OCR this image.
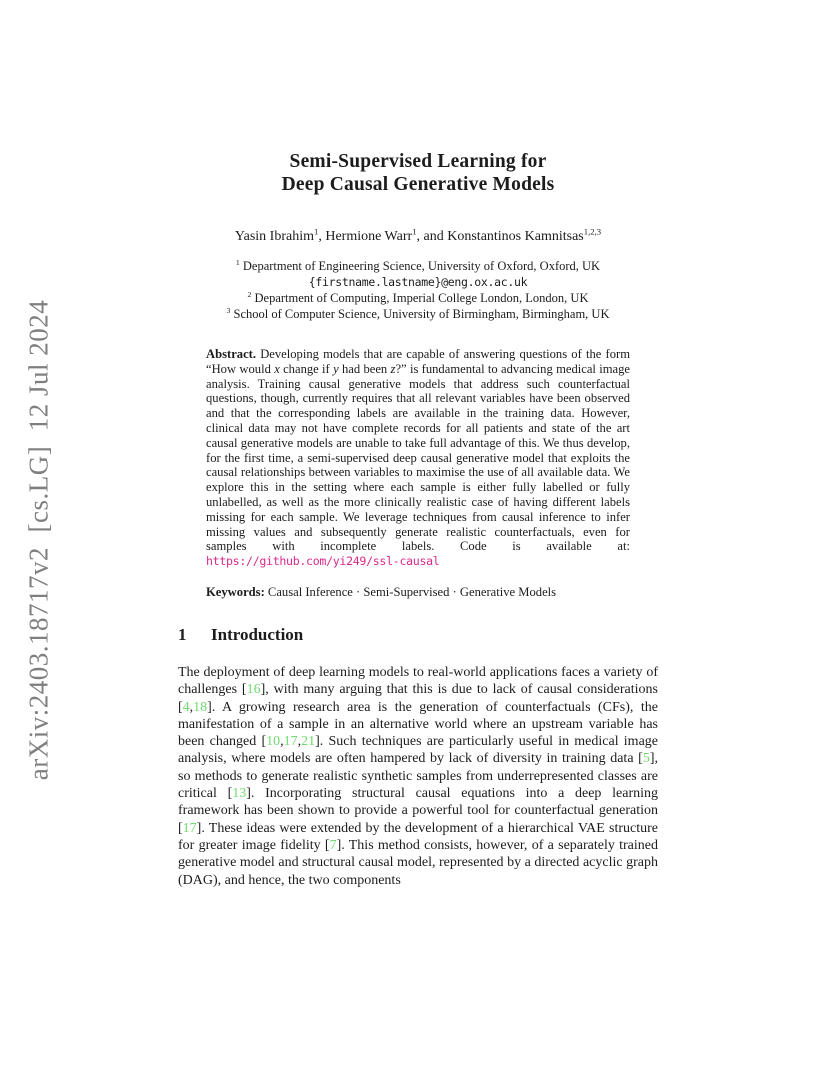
arXiv:2403.18717v2  [cs.LG]  12 Jul 2024
Semi-Supervised Learning for
Deep Causal Generative Models
Yasin Ibrahim$^1$, Hermione Warr$^1$, and Konstantinos Kamnitsas$^{1,2,3}$
$^1$ Department of Engineering Science, University of Oxford, Oxford, UK
{firstname.lastname}@eng.ox.ac.uk
$^2$ Department of Computing, Imperial College London, London, UK
$^3$ School of Computer Science, University of Birmingham, Birmingham, UK
Abstract. Developing models that are capable of answering questions of the form “How would x change if y had been z?” is fundamental to advancing medical image analysis. Training causal generative models that address such counterfactual questions, though, currently requires that all relevant variables have been observed and that the corresponding labels are available in the training data. However, clinical data may not have complete records for all patients and state of the art causal generative models are unable to take full advantage of this. We thus develop, for the first time, a semi-supervised deep causal generative model that exploits the causal relationships between variables to maximise the use of all available data. We explore this in the setting where each sample is either fully labelled or fully unlabelled, as well as the more clinically realistic case of having different labels missing for each sample. We leverage techniques from causal inference to infer missing values and subsequently generate realistic counterfactuals, even for samples with incomplete labels. Code is available at: https://github.com/yi249/ssl-causal
Keywords: Causal Inference · Semi-Supervised · Generative Models
1	Introduction
The deployment of deep learning models to real-world applications faces a variety of challenges [16], with many arguing that this is due to lack of causal considerations [4,18]. A growing research area is the generation of counterfactuals (CFs), the manifestation of a sample in an alternative world where an upstream variable has been changed [10,17,21]. Such techniques are particularly useful in medical image analysis, where models are often hampered by lack of diversity in training data [5], so methods to generate realistic synthetic samples from underrepresented classes are critical [13]. Incorporating structural causal equations into a deep learning framework has been shown to provide a powerful tool for counterfactual generation [17]. These ideas were extended by the development of a hierarchical VAE structure for greater image fidelity [7]. This method consists, however, of a separately trained generative model and structural causal model, represented by a directed acyclic graph (DAG), and hence, the two components
